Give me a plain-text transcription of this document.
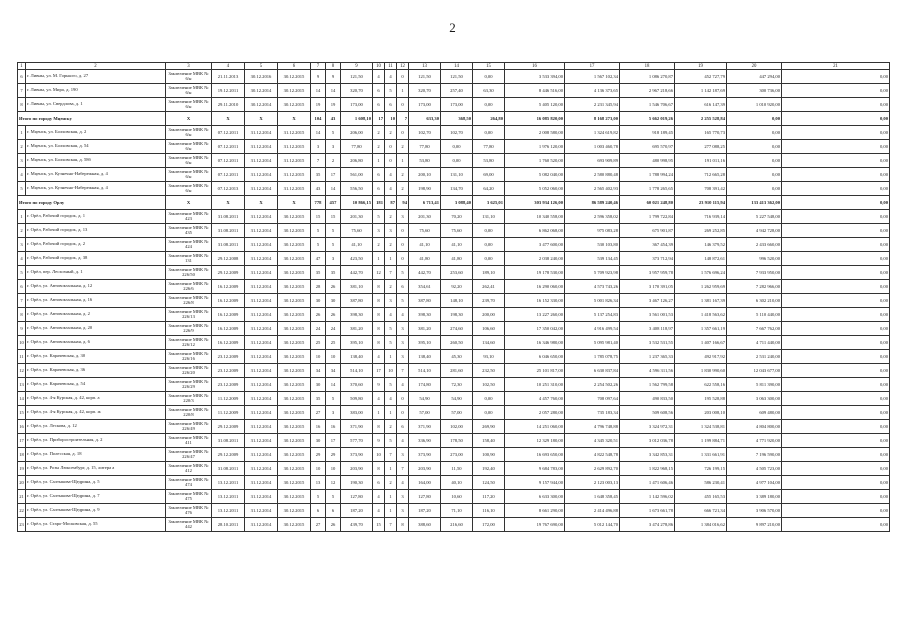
2
1	2	3	4	5	6	7	8	9	10	11	12	13	14	15	16	17	18	19	20	21
6	г. Ливны, ул. М. Горького, д. 27	Заключение МВК № 6/н	21.11.2013	30.12.2016	30.12.2015	9	9	121,50	4	4	0	121,50	121,50	0,00	3 533 394,00	1 567 102,34	1 086 270,87	452 727,79	447 294,00	0,00
7	г. Ливны, ул. Мира, д. 190	Заключение МВК № 6/н	19.12.2011	30.12.2014	30.12.2015	14	14	320,70	6	5	1	320,70	257,40	63,30	8 446 516,00	4 136 373,65	2 967 218,66	1 142 187,69	300 736,00	0,00
8	г. Ливны, ул. Свердлова, д. 1	Заключение МВК № 6/н	29.11.2010	30.12.2014	30.12.2015	19	19	173,00	6	6	0	173,00	173,00	0,00	5 405 120,00	2 231 345,94	1 546 706,67	616 147,39	1 010 920,00	0,00
Итого по городу Мценску		X	X	X	X	104	43	1 608,10	17	10	7	633,30	368,50	264,80	16 085 820,00	8 168 273,00	5 662 019,26	2 255 528,84	0,00	0,00
1	г. Мценск, ул. Болховская, д. 2	Заключение МВК № 6/н	07.12.2011	31.12.2014	31.12.2015	14	5	206,00	2	2	0	102,70	102,70	0,00	2 008 580,00	1 324 619,82	918 189,45	165 770,73	0,00	0,00
2	г. Мценск, ул. Болховская, д. 54	Заключение МВК № 6/н	07.12.2011	31.12.2014	31.12.2015	3	3	77,80	2	0	2	77,80	0,00	77,80	1 976 120,00	1 003 460,78	695 570,97	277 088,25	0,00	0,00
3	г. Мценск, ул. Болховская, д. 58б	Заключение МВК № 6/н	07.12.2011	31.12.2014	31.12.2015	7	2	206,80	1	0	1	53,80	0,00	53,80	1 760 520,00	693 909,89	480 998,95	191 011,16	0,00	0,00
4	г. Мценск, ул. Кузнечно-Набережная, д. 4	Заключение МВК № 6/н	07.12.2011	31.12.2014	31.12.2015	35	17	561,00	6	4	2	200,10	131,10	69,00	5 082 040,00	2 580 880,48	1 788 994,24	712 665,28	0,00	0,00
5	г. Мценск, ул. Кузнечно-Набережная, д. 4	Заключение МВК № 6/н	07.12.2013	31.12.2014	31.12.2015	43	14	556,50	6	4	2	198,90	134,70	64,20	5 052 060,00	2 565 402,93	1 778 265,65	708 391,42	0,00	0,00
Итого по городу Орлу		X	X	X	X	778	457	10 866,15	181	87	94	6 713,41	3 088,40	3 625,01	303 934 126,00	86 589 240,46	60 021 248,80	23 910 115,94	133 413 362,00	0,00
1	г. Орёл, Рабочий городок, д. 1	Заключение МВК № 423	31.08.2011	31.12.2014	30.12.2015	15	15	201,30	5	2	3	201,30	70,20	131,10	10 340 558,00	2 596 358,02	1 799 722,84	716 939,14	5 227 548,00	0,00
2	г. Орёл, Рабочий городок, д. 13	Заключение МВК № 435	31.08.2011	31.12.2014	30.12.2015	5	5	75,60	3	3	0	75,60	75,60	0,00	6 862 068,00	975 083,28	675 901,87	269 252,85	4 942 728,00	0,00
3	г. Орёл, Рабочий городок, д. 2	Заключение МВК № 424	31.08.2011	31.12.2014	30.12.2015	5	5	41,10	2	2	0	41,10	41,10	0,00	3 477 600,00	530 103,80	367 454,39	146 379,52	2 433 660,00	0,00
4	г. Орёл, Рабочий городок, д. 38	Заключение МВК № 131	29.12.2008	31.12.2014	30.12.2015	47	3	423,50	1	1	0	41,80	41,80	0,00	2 038 240,00	539 134,45	373 712,94	148 872,61	996 520,00	0,00
5	г. Орёл, пер. Лесхозный, д. 1	Заключение МВК № 226/50	29.12.2009	31.12.2014	30.12.2015	35	35	442,70	12	7	5	442,70	253,60	189,10	19 178 530,00	5 709 923,98	3 957 959,78	1 576 696,24	7 933 950,00	0,00
6	г. Орёл, ул. Автовокзальная, д. 12	Заключение МВК № 226/6	16.12.2009	31.12.2014	30.12.2015	28	26	381,10	8	2	6	354,61	92,20	262,41	16 290 060,00	4 573 743,26	3 170 391,05	1 262 959,69	7 282 966,00	0,00
7	г. Орёл, ул. Автовокзальная, д. 16	Заключение МВК № 226/8	16.12.2009	31.12.2014	30.12.2015	30	30	387,80	8	3	5	387,80	148,10	239,70	16 152 330,00	5 001 826,34	3 467 126,27	1 381 167,39	6 302 210,00	0,00
8	г. Орёл, ул. Автовокзальная, д. 2	Заключение МВК № 226/13	16.12.2009	31.12.2014	30.12.2015	26	26	398,30	8	4	4	398,30	198,30	200,00	13 227 260,00	5 137 254,83	3 561 001,53	1 418 563,62	5 110 440,00	0,00
9	г. Орёл, ул. Автовокзальная, д. 20	Заключение МВК № 226/9	16.12.2009	31.12.2014	30.12.2015	24	24	381,20	8	5	3	381,20	274,60	106,60	17 350 042,00	4 916 499,54	3 408 118,97	1 357 661,19	7 667 762,00	0,00
10	г. Орёл, ул. Автовокзальная, д. 6	Заключение МВК № 226/12	16.12.2009	31.12.2014	30.12.2015	25	25	395,10	8	5	3	395,10	260,50	134,60	16 346 980,00	5 095 981,40	3 532 531,55	1 407 166,67	4 711 440,00	0,00
11	г. Орёл, ул. Карачевская, д. 30	Заключение МВК № 226/16	23.12.2009	31.12.2014	30.12.2015	10	10	138,40	4	1	3	138,40	45,30	93,10	6 046 650,00	1 785 078,75	1 237 365,33	492 917,92	2 531 240,00	0,00
12	г. Орёл, ул. Карачевская, д. 36	Заключение МВК № 226/20	23.12.2009	31.12.2014	30.12.2015	34	34	514,10	17	10	7	514,10	281,60	232,50	25 101 817,00	6 630 837,84	4 596 311,56	1 830 990,60	12 043 677,00	0,00
13	г. Орёл, ул. Карачевская, д. 54	Заключение МВК № 226/29	23.12.2009	31.12.2014	30.12.2015	30	14	370,60	9	5	4	174,80	72,30	102,50	10 251 310,00	2 254 502,26	1 562 799,58	622 558,16	5 811 390,00	0,00
14	г. Орёл, ул. 4-я Курская, д. 42, корп. а	Заключение МВК № 220/3	11.12.2009	31.12.2014	30.12.2015	35	5	509,80	4	4	0	54,90	54,90	0,00	4 457 760,00	708 097,64	490 833,50	195 528,88	3 063 300,00	0,00
15	г. Орёл, ул. 4-я Курская, д. 42, корп. ж	Заключение МВК № 220/8	11.12.2009	31.12.2014	30.12.2015	27	3	383,00	1	1	0	57,00	57,00	0,00	2 057 280,00	735 183,34	509 608,56	203 008,10	609 480,00	0,00
16	г. Орёл, ул. Лескова, д. 12	Заключение МВК № 226/49	29.12.2009	31.12.2014	30.12.2015	16	16	371,90	8	2	6	371,90	102,00	269,90	14 251 060,00	4 796 748,88	3 324 972,31	1 324 538,81	4 804 800,00	0,00
17	г. Орёл, ул. Приборостроительная, д. 2	Заключение МВК № 411	31.08.2011	31.12.2014	30.12.2015	30	17	577,70	9	5	4	336,90	178,50	158,40	12 329 180,00	4 345 320,51	3 012 036,78	1 199 884,71	4 771 920,00	0,00
18	г. Орёл, ул. Полесская, д. 18	Заключение МВК № 226/47	29.12.2009	31.12.2014	30.12.2015	29	29	373,90	10	7	3	373,90	273,00	100,90	16 693 650,00	4 822 548,78	3 342 853,31	1 331 661,91	7 196 590,00	0,00
19	г. Орёл, ул. Розы Люксембург, д. 15, литера а	Заключение МВК № 412	31.08.2011	31.12.2014	30.12.2015	10	10	203,90	8	1	7	203,90	11,50	192,40	9 684 783,00	2 629 892,70	1 822 968,15	726 199,15	4 505 723,00	0,00
20	г. Орёл, ул. Салтыкова-Щедрина, д. 5	Заключение МВК № 474	13.12.2011	31.12.2014	30.12.2015	13	12	190,30	6	2	4	164,00	40,10	124,50	9 157 944,00	2 123 003,13	1 471 606,46	586 230,41	4 977 104,00	0,00
21	г. Орёл, ул. Салтыкова-Щедрина, д. 7	Заключение МВК № 475	13.12.2011	31.12.2014	30.12.2015	5	5	127,80	4	1	3	127,80	10,60	117,20	6 633 300,00	1 648 358,45	1 142 596,02	455 165,53	3 389 180,00	0,00
22	г. Орёл, ул. Салтыкова-Щедрина, д. 9	Заключение МВК № 476	13.12.2011	31.12.2014	30.12.2015	6	6	187,20	4	1	3	187,20	71,10	116,10	8 661 290,00	2 414 496,88	1 673 661,78	666 721,34	3 906 570,00	0,00
23	г. Орёл, ул. Старо-Московская, д. 55	Заключение МВК № 442	28.10.2011	31.12.2014	30.12.2015	27	26	439,70	15	7	8	388,60	216,60	172,00	19 767 690,00	5 012 144,70	3 474 278,86	1 384 016,62	9 897 210,00	0,00
